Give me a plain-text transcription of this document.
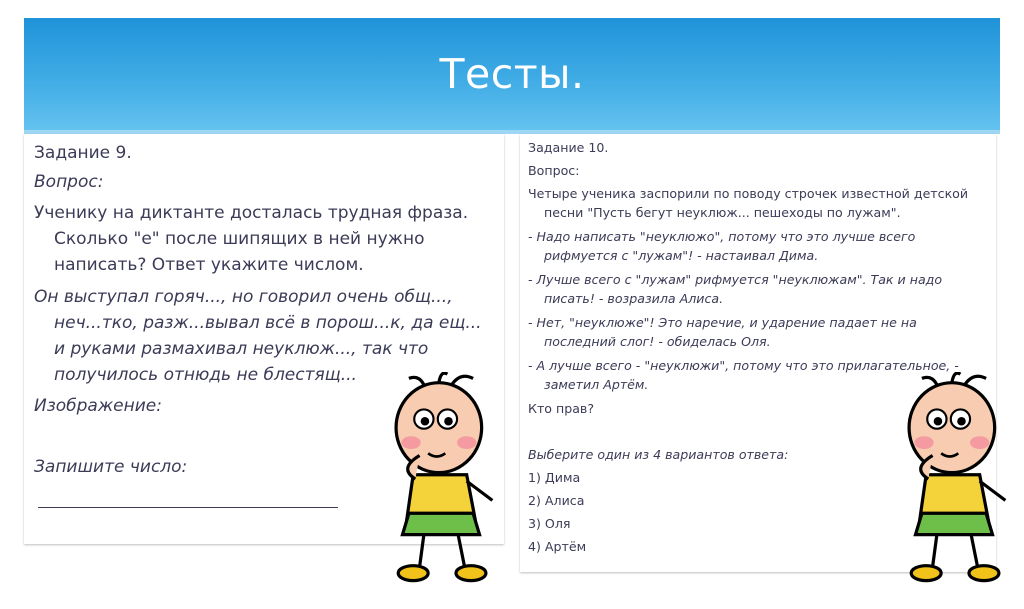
Тесты.
Задание 9.
Вопрос:
Ученику на диктанте досталась трудная фраза. Сколько "е" после шипящих в ней нужно написать? Ответ укажите числом.
Он выступал горяч..., но говорил очень общ..., неч...тко, разж...вывал всё в порош...к, да ещ... и руками размахивал неуклюж..., так что получилось отнюдь не блестящ...
Изображение:
Запишите число:
Задание 10.
Вопрос:
Четыре ученика заспорили по поводу строчек известной детской песни "Пусть бегут неуклюж... пешеходы по лужам".
- Надо написать "неуклюжо", потому что это лучше всего рифмуется с "лужам"! - настаивал Дима.
- Лучше всего с "лужам" рифмуется "неуклюжам". Так и надо писать! - возразила Алиса.
- Нет, "неуклюже"! Это наречие, и ударение падает не на последний слог! - обиделась Оля.
- А лучше всего - "неуклюжи", потому что это прилагательное, - заметил Артём.
Кто прав?
Выберите один из 4 вариантов ответа:
1) Дима
2) Алиса
3) Оля
4) Артём
